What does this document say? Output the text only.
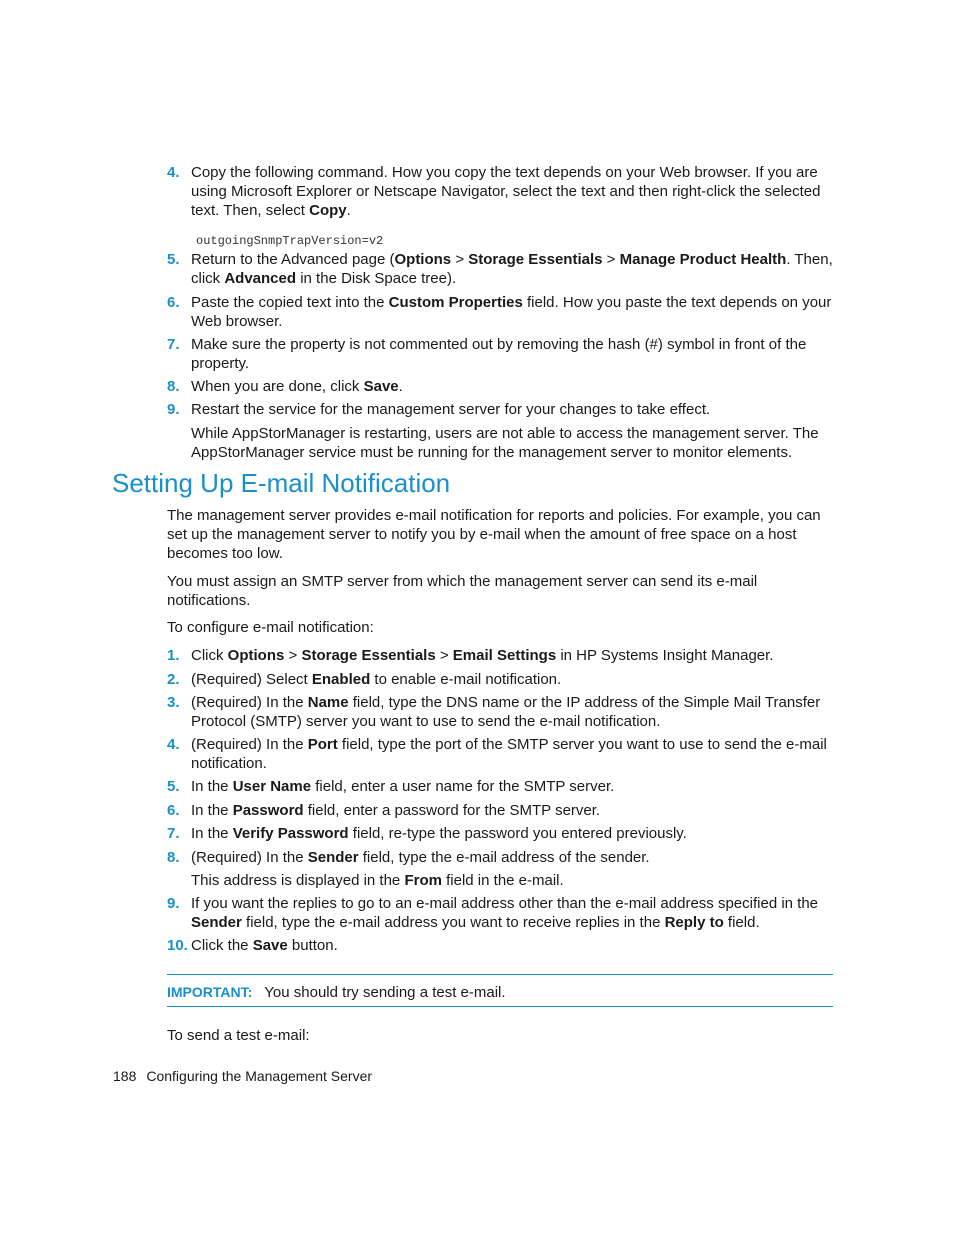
4. Copy the following command. How you copy the text depends on your Web browser. If you are using Microsoft Explorer or Netscape Navigator, select the text and then right-click the selected text. Then, select Copy.
outgoingSnmpTrapVersion=v2
5. Return to the Advanced page (Options > Storage Essentials > Manage Product Health. Then, click Advanced in the Disk Space tree).
6. Paste the copied text into the Custom Properties field. How you paste the text depends on your Web browser.
7. Make sure the property is not commented out by removing the hash (#) symbol in front of the property.
8. When you are done, click Save.
9. Restart the service for the management server for your changes to take effect.
While AppStorManager is restarting, users are not able to access the management server. The AppStorManager service must be running for the management server to monitor elements.
Setting Up E-mail Notification
The management server provides e-mail notification for reports and policies. For example, you can set up the management server to notify you by e-mail when the amount of free space on a host becomes too low.
You must assign an SMTP server from which the management server can send its e-mail notifications.
To configure e-mail notification:
1. Click Options > Storage Essentials > Email Settings in HP Systems Insight Manager.
2. (Required) Select Enabled to enable e-mail notification.
3. (Required) In the Name field, type the DNS name or the IP address of the Simple Mail Transfer Protocol (SMTP) server you want to use to send the e-mail notification.
4. (Required) In the Port field, type the port of the SMTP server you want to use to send the e-mail notification.
5. In the User Name field, enter a user name for the SMTP server.
6. In the Password field, enter a password for the SMTP server.
7. In the Verify Password field, re-type the password you entered previously.
8. (Required) In the Sender field, type the e-mail address of the sender.
This address is displayed in the From field in the e-mail.
9. If you want the replies to go to an e-mail address other than the e-mail address specified in the Sender field, type the e-mail address you want to receive replies in the Reply to field.
10. Click the Save button.
IMPORTANT: You should try sending a test e-mail.
To send a test e-mail:
188 Configuring the Management Server
